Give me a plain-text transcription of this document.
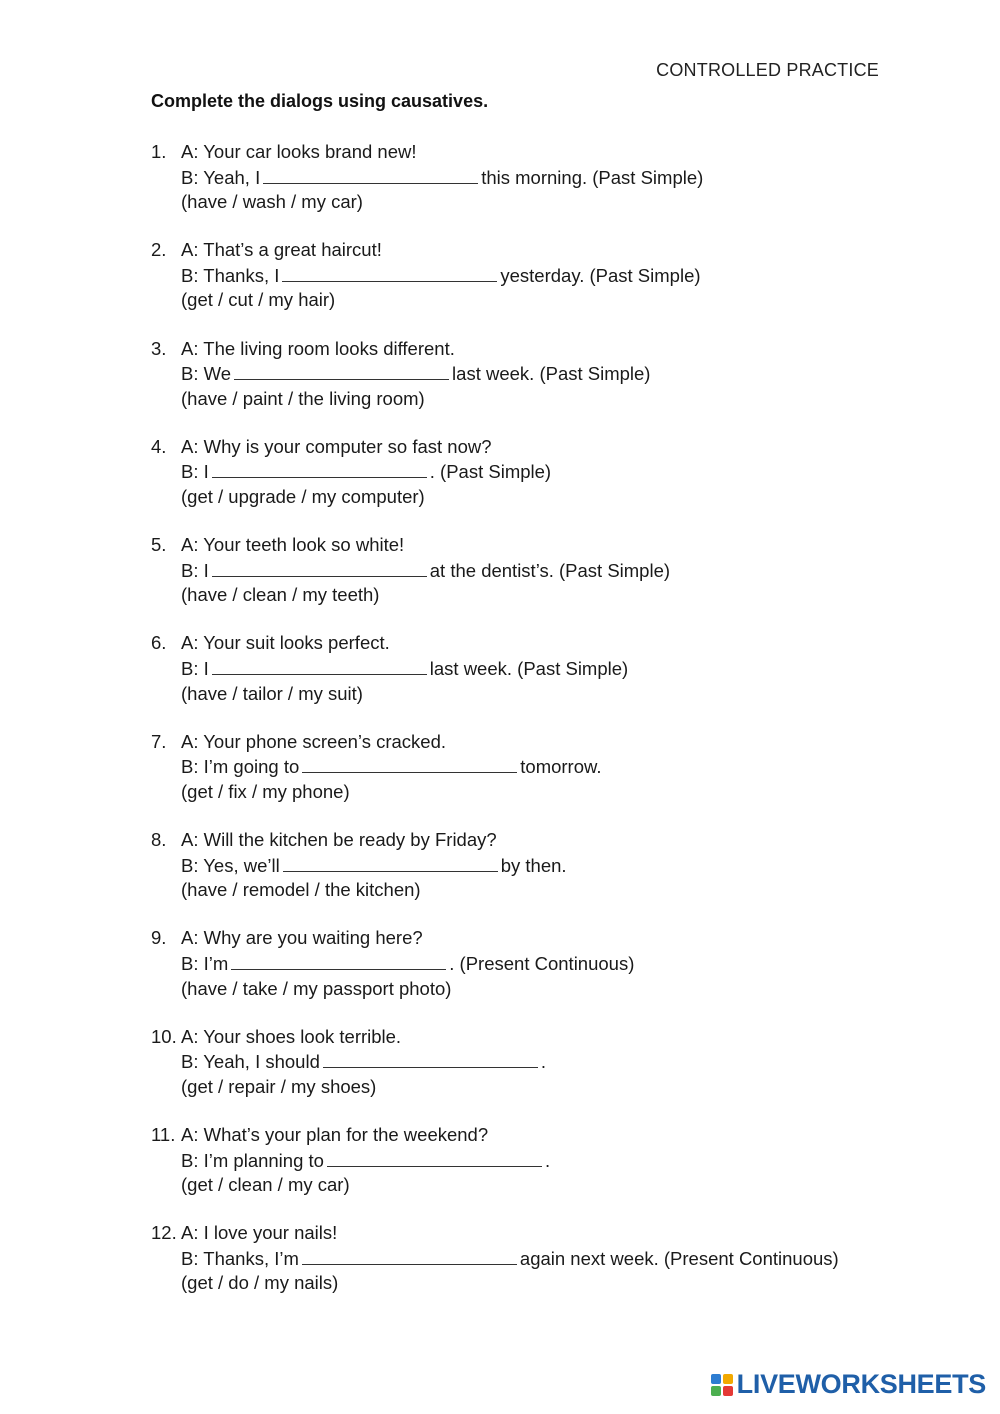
CONTROLLED PRACTICE
Complete the dialogs using causatives.
1. A: Your car looks brand new!
B: Yeah, I	this morning. (Past Simple)
(have / wash / my car)
2. A: That’s a great haircut!
B: Thanks, I	yesterday. (Past Simple)
(get / cut / my hair)
3. A: The living room looks different.
B: We	last week. (Past Simple)
(have / paint / the living room)
4. A: Why is your computer so fast now?
B: I	. (Past Simple)
(get / upgrade / my computer)
5. A: Your teeth look so white!
B: I	at the dentist’s. (Past Simple)
(have / clean / my teeth)
6. A: Your suit looks perfect.
B: I	last week. (Past Simple)
(have / tailor / my suit)
7. A: Your phone screen’s cracked.
B: I’m going to	tomorrow.
(get / fix / my phone)
8. A: Will the kitchen be ready by Friday?
B: Yes, we’ll	by then.
(have / remodel / the kitchen)
9. A: Why are you waiting here?
B: I’m	. (Present Continuous)
(have / take / my passport photo)
10. A: Your shoes look terrible.
B: Yeah, I should	.
(get / repair / my shoes)
11. A: What’s your plan for the weekend?
B: I’m planning to	.
(get / clean / my car)
12. A: I love your nails!
B: Thanks, I’m	again next week. (Present Continuous)
(get / do / my nails)
LIVEWORKSHEETS
